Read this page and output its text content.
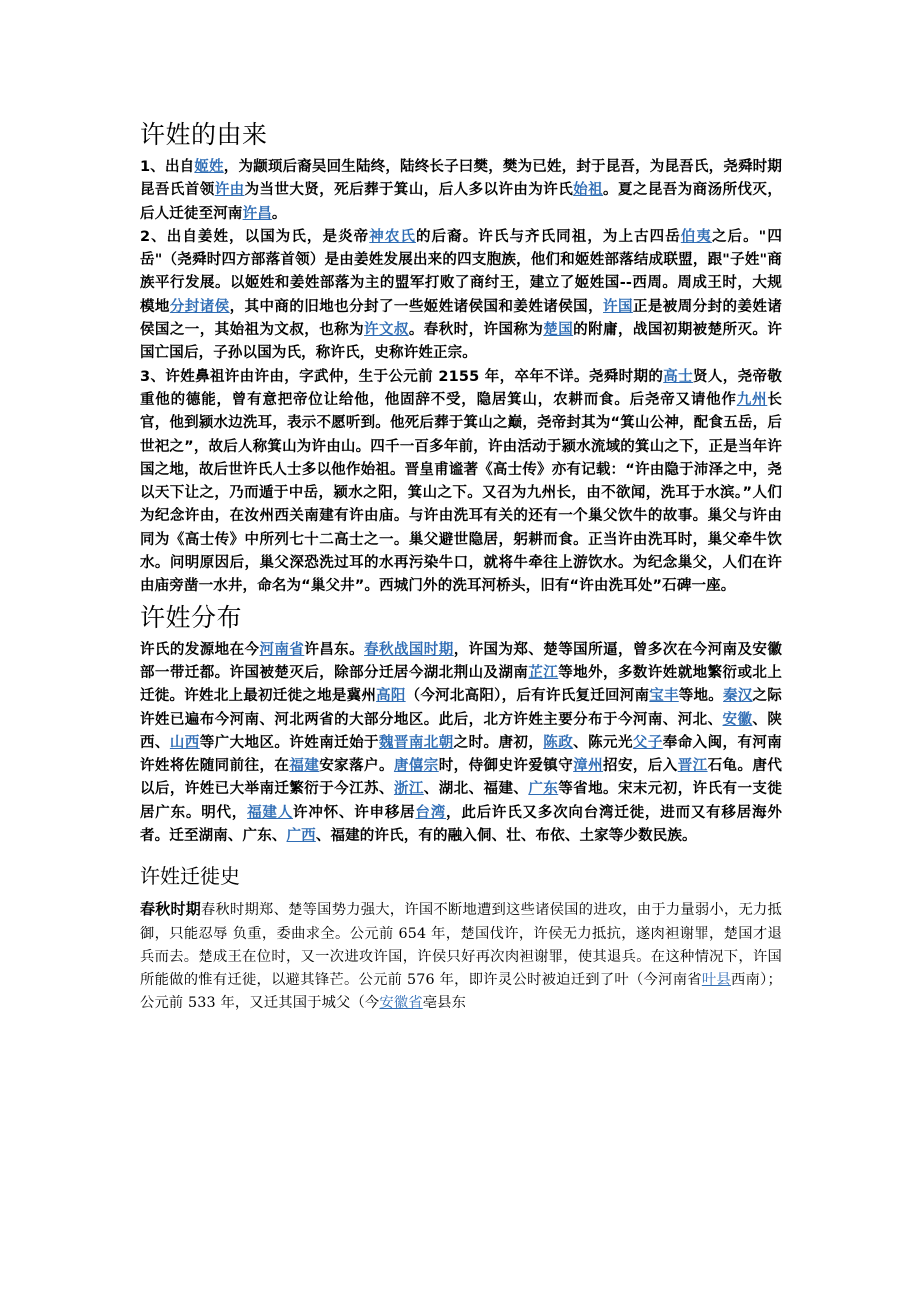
许姓的由来

1、出自姬姓，为颛顼后裔吴回生陆终，陆终长子曰樊，樊为已姓，封于昆吾，为昆吾氏，尧舜时期昆吾氏首领许由为当世大贤，死后葬于箕山，后人多以许由为许氏始祖。夏之昆吾为商汤所伐灭，后人迁徒至河南许昌。

2、出自姜姓，以国为氏，是炎帝神农氏的后裔。许氏与齐氏同祖，为上古四岳伯夷之后。"四岳"（尧舜时四方部落首领）是由姜姓发展出来的四支胞族，他们和姬姓部落结成联盟，跟"子姓"商族平行发展。以姬姓和姜姓部落为主的盟军打败了商纣王，建立了姬姓国--西周。周成王时，大规模地分封诸侯，其中商的旧地也分封了一些姬姓诸侯国和姜姓诸侯国，许国正是被周分封的姜姓诸侯国之一，其始祖为文叔，也称为许文叔。春秋时，许国称为楚国的附庸，战国初期被楚所灭。许国亡国后，子孙以国为氏，称许氏，史称许姓正宗。

3、许姓鼻祖许由许由，字武仲，生于公元前 2155 年，卒年不详。尧舜时期的高士贤人，尧帝敬重他的德能，曾有意把帝位让给他，他固辞不受，隐居箕山，农耕而食。后尧帝又请他作九州长官，他到颍水边洗耳，表示不愿听到。他死后葬于箕山之巅，尧帝封其为“箕山公神，配食五岳，后世祀之”，故后人称箕山为许由山。四千一百多年前，许由活动于颍水流域的箕山之下，正是当年许国之地，故后世许氏人士多以他作始祖。晋皇甫谧著《高士传》亦有记载：“许由隐于沛泽之中，尧以天下让之，乃而遁于中岳，颍水之阳，箕山之下。又召为九州长，由不欲闻，洗耳于水滨。”人们为纪念许由，在汝州西关南建有许由庙。与许由洗耳有关的还有一个巢父饮牛的故事。巢父与许由同为《高士传》中所列七十二高士之一。巢父避世隐居，躬耕而食。正当许由洗耳时，巢父牵牛饮水。问明原因后，巢父深恐洗过耳的水再污染牛口，就将牛牵往上游饮水。为纪念巢父，人们在许由庙旁凿一水井，命名为“巢父井”。西城门外的洗耳河桥头，旧有“许由洗耳处”石碑一座。

许姓分布

许氏的发源地在今河南省许昌东。春秋战国时期，许国为郑、楚等国所逼，曾多次在今河南及安徽部一带迁都。许国被楚灭后，除部分迁居今湖北荆山及湖南芷江等地外，多数许姓就地繁衍或北上迁徙。许姓北上最初迁徙之地是冀州高阳（今河北高阳），后有许氏复迁回河南宝丰等地。秦汉之际许姓已遍布今河南、河北两省的大部分地区。此后，北方许姓主要分布于今河南、河北、安徽、陕西、山西等广大地区。许姓南迁始于魏晋南北朝之时。唐初，陈政、陈元光父子奉命入闽，有河南许姓将佐随同前往，在福建安家落户。唐僖宗时，侍御史许爱镇守漳州招安，后入晋江石龟。唐代以后，许姓已大举南迁繁衍于今江苏、浙江、湖北、福建、广东等省地。宋末元初，许氏有一支徙居广东。明代，福建人许冲怀、许申移居台湾，此后许氏又多次向台湾迁徙，进而又有移居海外者。迁至湖南、广东、广西、福建的许氏，有的融入侗、壮、布依、土家等少数民族。

许姓迁徙史

春秋时期春秋时期郑、楚等国势力强大，许国不断地遭到这些诸侯国的进攻，由于力量弱小，无力抵御，只能忍辱 负重，委曲求全。公元前 654 年，楚国伐许，许侯无力抵抗，遂肉袒谢罪，楚国才退兵而去。楚成王在位时，又一次进攻许国，许侯只好再次肉袒谢罪，使其退兵。在这种情况下，许国所能做的惟有迁徙，以避其锋芒。公元前 576 年，即许灵公时被迫迁到了叶（今河南省叶县西南）；公元前 533 年，又迁其国于城父（今安徽省亳县东
